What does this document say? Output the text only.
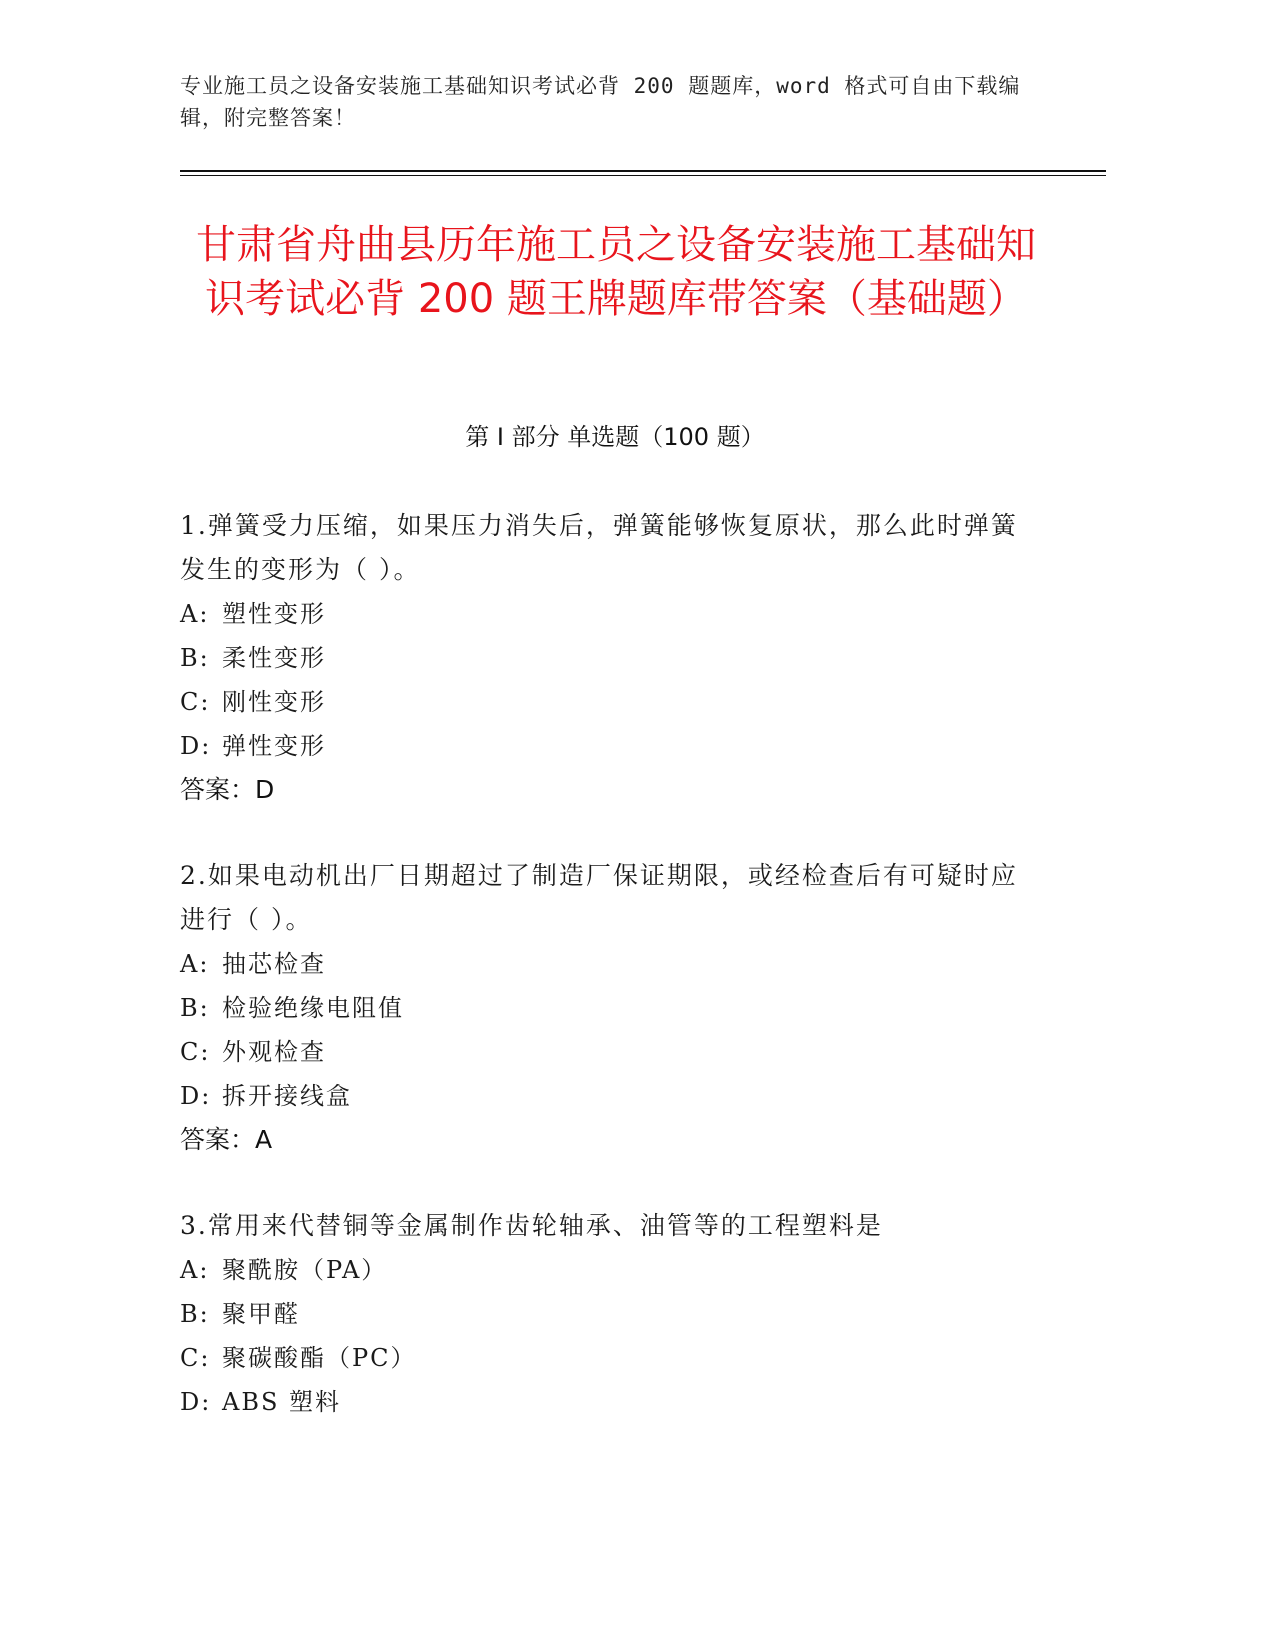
专业施工员之设备安装施工基础知识考试必背 200 题题库，word 格式可自由下载编辑，附完整答案！
甘肃省舟曲县历年施工员之设备安装施工基础知识考试必背 200 题王牌题库带答案（基础题）
第 I 部分 单选题（100 题）
1.弹簧受力压缩，如果压力消失后，弹簧能够恢复原状，那么此时弹簧发生的变形为（ ）。
A: 塑性变形
B: 柔性变形
C: 刚性变形
D: 弹性变形
答案：D
2.如果电动机出厂日期超过了制造厂保证期限，或经检查后有可疑时应进行（ ）。
A: 抽芯检查
B: 检验绝缘电阻值
C: 外观检查
D: 拆开接线盒
答案：A
3.常用来代替铜等金属制作齿轮轴承、油管等的工程塑料是
A: 聚酰胺（PA）
B: 聚甲醛
C: 聚碳酸酯（PC）
D: ABS 塑料
